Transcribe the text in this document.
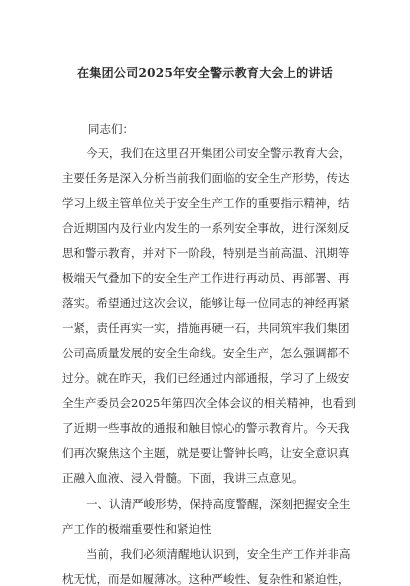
在集团公司2025年安全警示教育大会上的讲话
同志们：
今天，我们在这里召开集团公司安全警示教育大会，
主要任务是深入分析当前我们面临的安全生产形势，传达
学习上级主管单位关于安全生产工作的重要指示精神，结
合近期国内及行业内发生的一系列安全事故，进行深刻反
思和警示教育，并对下一阶段，特别是当前高温、汛期等
极端天气叠加下的安全生产工作进行再动员、再部署、再
落实。希望通过这次会议，能够让每一位同志的神经再紧
一紧，责任再实一实，措施再硬一石，共同筑牢我们集团
公司高质量发展的安全生命线。安全生产，怎么强调都不
过分。就在昨天，我们已经通过内部通报，学习了上级安
全生产委员会2025年第四次全体会议的相关精神，也看到
了近期一些事故的通报和触目惊心的警示教育片。今天我
们再次聚焦这个主题，就是要让警钟长鸣，让安全意识真
正融入血液、浸入骨髓。下面，我讲三点意见。
一、认清严峻形势，保持高度警醒，深刻把握安全生
产工作的极端重要性和紧迫性
当前，我们必须清醒地认识到，安全生产工作并非高
枕无忧，而是如履薄冰。这种严峻性、复杂性和紧迫性，
